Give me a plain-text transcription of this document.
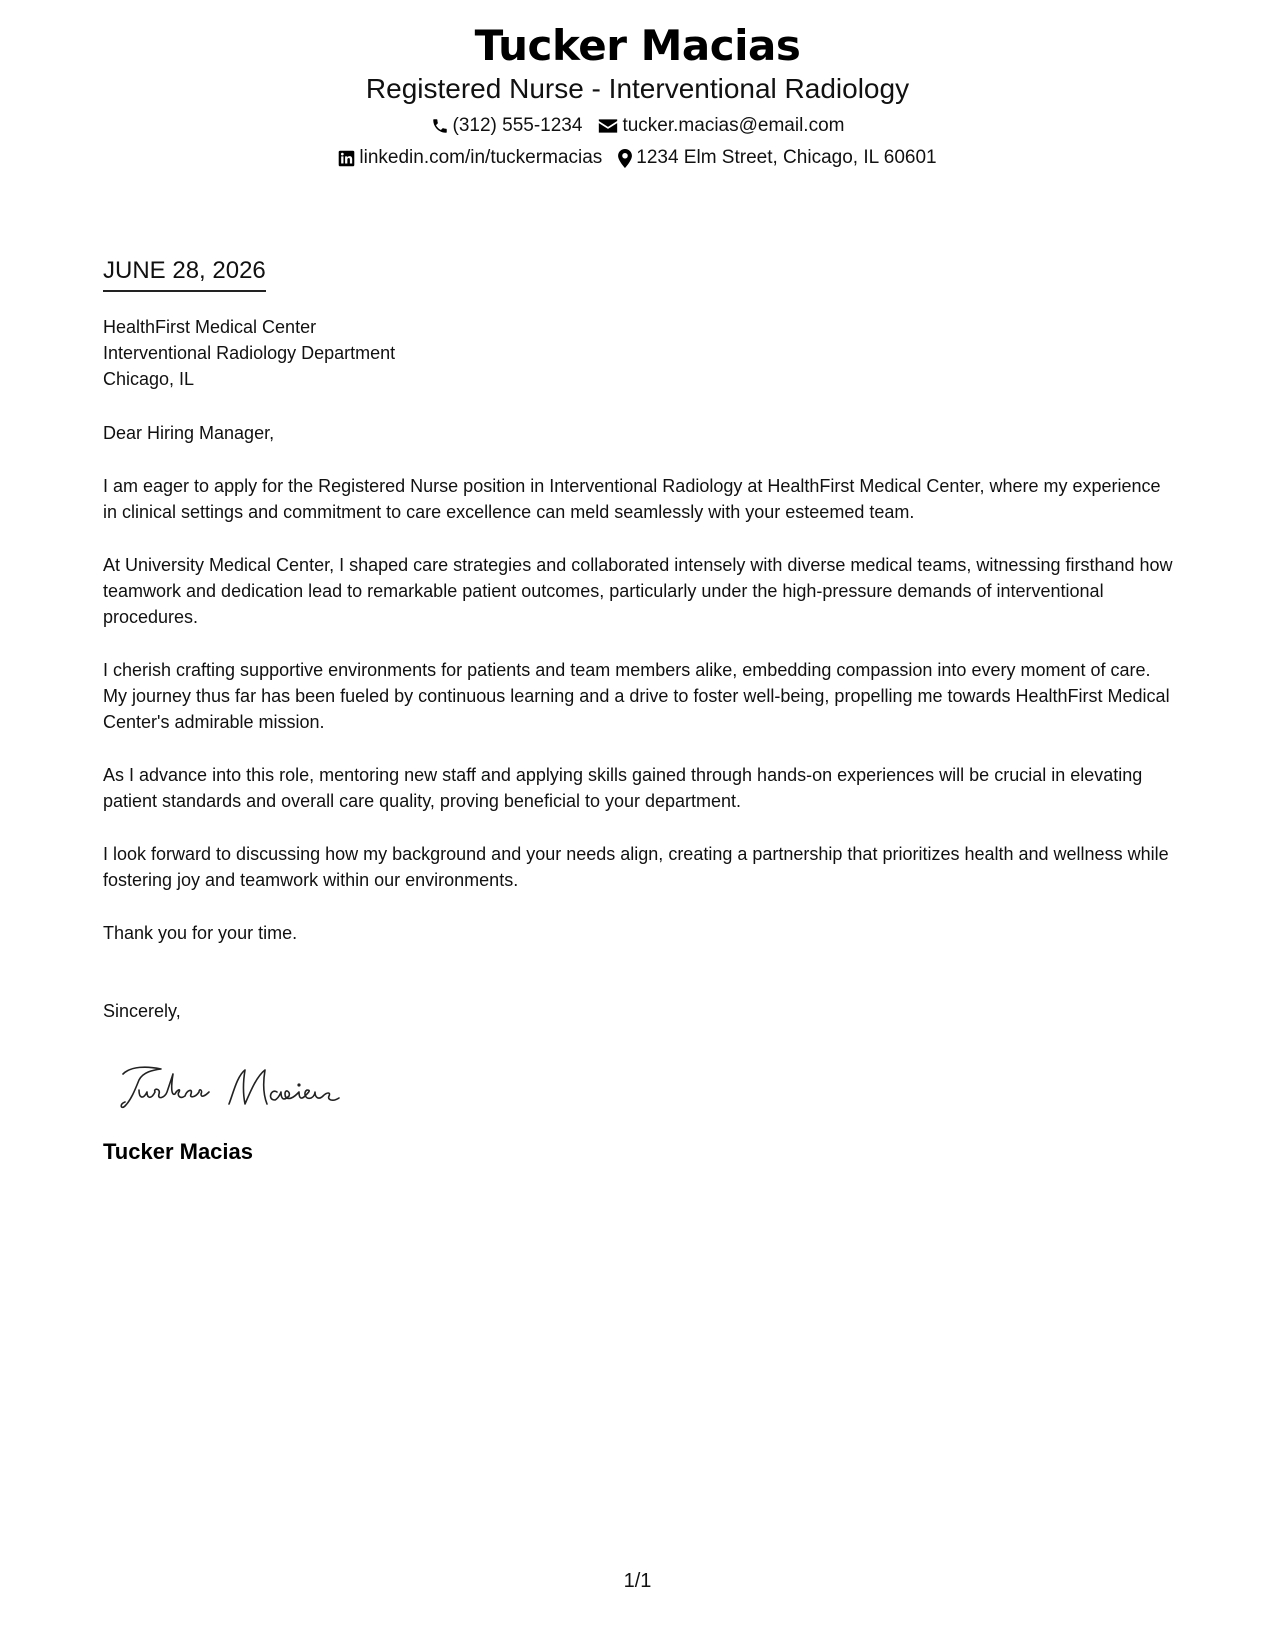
Tucker Macias
Registered Nurse - Interventional Radiology
(312) 555-1234 tucker.macias@email.com
linkedin.com/in/tuckermacias 1234 Elm Street, Chicago, IL 60601
JUNE 28, 2026
HealthFirst Medical Center
Interventional Radiology Department
Chicago, IL
Dear Hiring Manager,

I am eager to apply for the Registered Nurse position in Interventional Radiology at HealthFirst Medical Center, where my experience in clinical settings and commitment to care excellence can meld seamlessly with your esteemed team.

At University Medical Center, I shaped care strategies and collaborated intensely with diverse medical teams, witnessing firsthand how teamwork and dedication lead to remarkable patient outcomes, particularly under the high-pressure demands of interventional procedures.

I cherish crafting supportive environments for patients and team members alike, embedding compassion into every moment of care. My journey thus far has been fueled by continuous learning and a drive to foster well-being, propelling me towards HealthFirst Medical Center's admirable mission.

As I advance into this role, mentoring new staff and applying skills gained through hands-on experiences will be crucial in elevating patient standards and overall care quality, proving beneficial to your department.

I look forward to discussing how my background and your needs align, creating a partnership that prioritizes health and wellness while fostering joy and teamwork within our environments.

Thank you for your time.

Sincerely,
Tucker Macias
1/1
